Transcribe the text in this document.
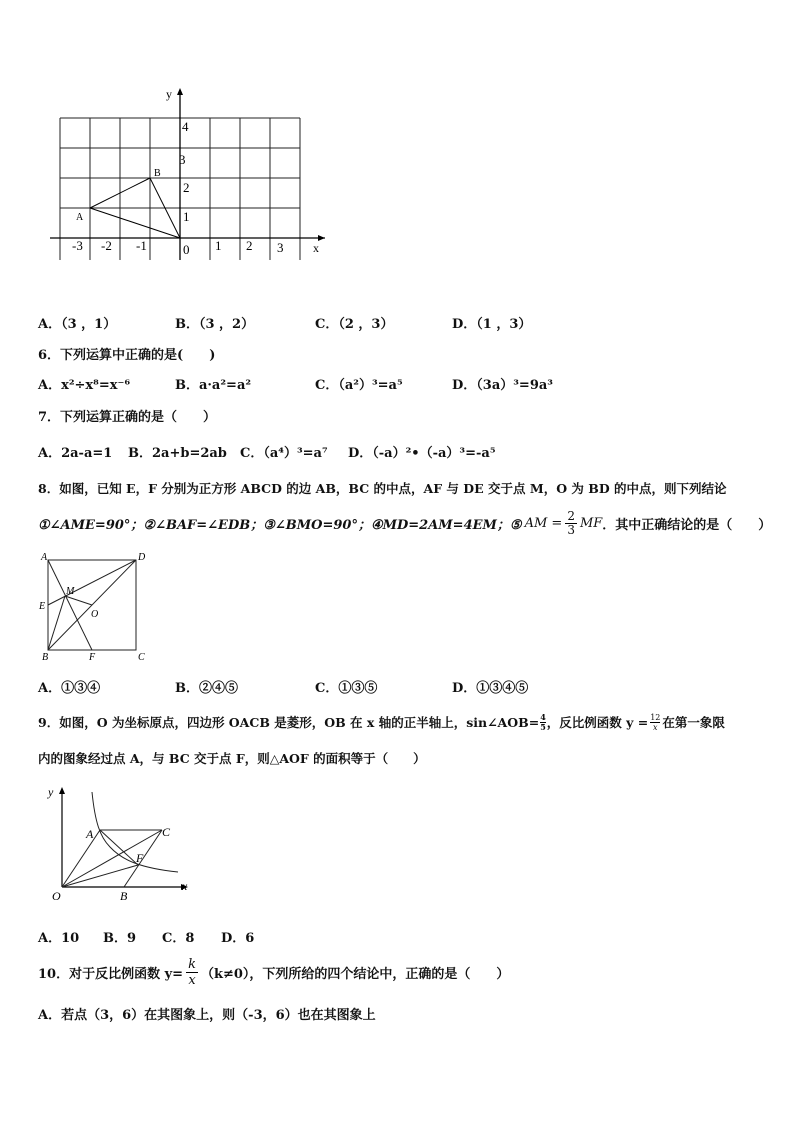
y
x
A
B
4
3
2
1
-3 -2 -1	0 1 2 3
A．（3 ，1）	B．（3 ，2）	C．（2 ，3）	D．（1 ，3）
6．下列运算中正确的是(　　)
A．x²÷x⁸=x⁻⁶	B．a·a²=a²	C．（a²）³=a⁵	D．（3a）³=9a³
7．下列运算正确的是（　　）
A．2a-a=1 B．2a+b=2ab C．（a⁴）³=a⁷ D．（-a）²•（-a）³=-a⁵
8．如图，已知 E，F 分别为正方形 ABCD 的边 AB，BC 的中点，AF 与 DE 交于点 M，O 为 BD 的中点，则下列结论
①∠AME=90°；②∠BAF=∠EDB；③∠BMO=90°；④MD=2AM=4EM；⑤ AM = $\frac{2}{3}$ MF ．其中正确结论的是（　　）
A	D
M
E
O
B	F	C
A．①③④	B．②④⑤	C．①③⑤	D．①③④⑤
9．如图，O 为坐标原点，四边形 OACB 是菱形，OB 在 x 轴的正半轴上，sin∠AOB= $\frac{4}{5}$ ，反比例函数 $y = \frac{12}{x}$ 在第一象限
内的图象经过点 A，与 BC 交于点 F，则△AOF 的面积等于（　　）
y
x
A	C
F
O	B
A．10 B．9 C．8 D．6
10．对于反比例函数 $y= \frac{k}{x} (k\ne 0)$，下列所给的四个结论中，正确的是（　　）
A．若点（3，6）在其图象上，则（-3，6）也在其图象上
